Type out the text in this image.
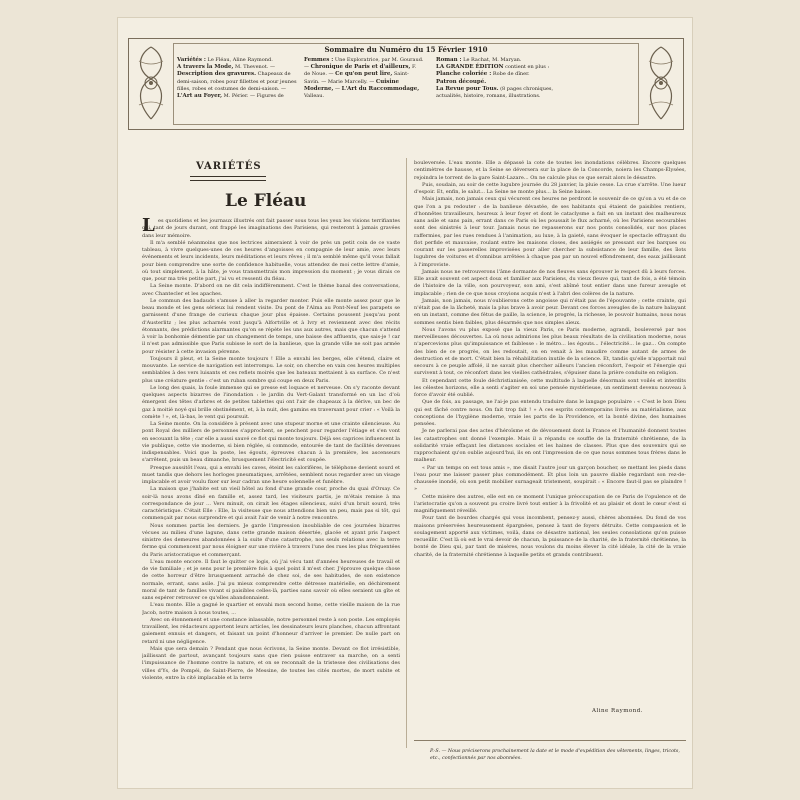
Sommaire du Numéro du 15 Février 1910
Variétés : Le Fléau, Aline Raymond.
A travers la Mode, M. Thevenot. — Description des gravures. Chapeaux de demi-saison, robes pour fillettes et pour jeunes filles, robes et costumes de demi-saison. —
L'Art au Foyer, M. Périer. — Figures de
Femmes : Une Exploratrice, par M. Gouraud. — Chronique de Paris et d'ailleurs, F. de Noue. — Ce qu'on peut lire, Saint-Savin. — Marie Marcelly. — Cuisine Moderne, — L'Art du Raccommodage, Valleau.
Roman : Le Rachat, M. Maryan.
LA GRANDE ÉDITION contient en plus :
Planche coloriée : Robe de dîner.
Patron découpé.
La Revue pour Tous. (8 pages chroniques, actualités, histoire, romans, illustrations.
VARIÉTÉS
Le Fléau
L es quotidiens et les journaux illustrés ont fait passer sous tous les yeux les visions terrifiantes qui, tant de jours durant, ont frappé les imaginations des Parisiens, qui resteront à jamais gravées dans leur mémoire.

Il m'a semblé néanmoins que nos lectrices aimeraient à voir de près un petit coin de ce vaste tableau, à vivre quelques-unes de ces heures d'angoisses en compagnie de leur amie, avec leurs événements et leurs incidents, leurs méditations et leurs rêves ; il m'a semblé même qu'il vous fallait pour bien comprendre une sorte de confidence habituelle, vous attendez de moi cette lettre d'amie, où tout simplement, à la hâte, je vous transmettrais mon impression du moment ; je vous dirais ce que, pour ma très petite part, j'ai vu et ressenti du fléau.

La Seine monte. D'abord on ne dit cela indifféremment. C'est le thème banal des conversations, avec Chantecler et les apaches.

Le commun des badauds s'amuse à aller la regarder monter. Puis elle monte assez pour que le beau monde et les gens sérieux lui rendent visite. Du pont de l'Alma au Pont-Neuf les parapets se garnissent d'une frange de curieux chaque jour plus épaisse. Certains poussent jusqu'au pont d'Austerlitz ; les plus acharnés vont jusqu'à Alfortville et à Ivry et reviennent avec des récits étonnants, des prédictions alarmantes qu'on se répète les uns aux autres, mais que chacun s'attend à voir la bonhomie démentie par un changement de temps, une baisse des affluents, que sais-je ! car il n'est pas admissible que Paris subisse le sort de la banlieue, que la grande ville ne soit pas armée pour résister à cette invasion pérenne.

Toujours il pleut, et la Seine monte toujours ! Elle a envahi les berges, elle s'étend, claire et mouvante. Le service de navigation est interrompu. Le soir, on cherche en vain ces heures multiples semblables à des vers luisants et ces reflets moirés que les bateaux mettaient à sa surface. Ce n'est plus une créature gentie : c'est un ruban sombre qui coupe en deux Paris.

Le long des quais, la foule immense qui se presse est loquace et nerveuse. On s'y raconte devant quelques aspects bizarres de l'inondation : le jardin du Vert-Galant transformé en un lac d'où émergent des têtes d'arbres et de petites tablettes qui ont l'air de chapeaux à la dérive, un bec de gaz à moitié noyé qui brille obstinément, et, à la nuit, des gamins en traversant pour crier : « Voilà la comète ! », et, là-bas, le vent qui poursuit.

La Seine monte. On la considère à présent avec une stupeur morne et une crainte silencieuse. Au pont Royal des milliers de personnes s'approchent, se penchent pour regarder l'étiage et s'en vont en secouant la tête ; car elle a aussi sauvé ce flot qui monte toujours. Déjà ses caprices influencent la vie publique, cette vie moderne, si bien réglée, si commode, entourée de tant de facilités devenues indispensables. Voici que la poste, les égouts, épreuves chacun à la première, les ascenseurs s'arrêtent, puis un beau dimanche, brusquement l'électricité est coupée.

Presque aussitôt l'eau, qui a envahi les caves, éteint les calorifères, le téléphone devient sourd et muet tandis que dehors les horloges pneumatiques, arrêtées, semblent nous regarder avec un visage implacable et avoir voulu fixer sur leur cadran une heure solennelle et funèbre.

La maison que j'habite est un vieil hôtel au fond d'une grande cour, proche du quai d'Orsay. Ce soir-là nous avons dîné en famille et, assez tard, les visiteurs partis, je m'étais remise à ma correspondance de jour ... Vers minuit, on cirait les étages silencieux, suivi d'un bruit sourd, très caractéristique. C'était Elle : Elle, la visiteuse que nous attendions bien un peu, mais pas si tôt, qui commençait par nous surprendre et qui avait l'air de venir à notre rencontre.

Nous sommes partis les derniers. Je garde l'impression inoubliable de ces journées bizarres vécues au milieu d'une lagune, dans cette grande maison désertée, glacée et ayant pris l'aspect sinistre des demeures abandonnées à la suite d'une catastrophe, nos seuls relations avec la terre ferme qui commencent par nous éloigner sur une rivière à travers l'une des rues les plus fréquentées du Paris aristocratique et commerçant.

L'eau monte encore. Il faut le quitter ce logis, où j'ai vécu tant d'années heureuses de travail et de vie familiale ; et je sens pour le première fois à quel point il m'est cher. J'éprouve quelque chose de cette horreur d'être brusquement arraché de chez soi, de ses habitudes, de son existence normale, errant, sans asile. J'ai pu mieux comprendre cette détresse matérielle, en déchirement moral de tant de familles vivant si paisibles celles-là, parties sans savoir où elles seraient un gîte et sans espérer retrouver ce qu'elles abandonnaient.

L'eau monte. Elle a gagné le quartier et envahi mon second home, cette vieille maison de la rue Jacob, notre maison à nous toutes, ...

Avec on étonnement et une constance inlassable, notre personnel reste à son poste. Les employés travaillent, les rédacteurs apportent leurs articles, les dessinateurs leurs planches, chacun affrontant gaiement ennuis et dangers, et faisant un point d'honneur d'arriver le premier. De nulle part on retard ni une négligence.

Mais que sera demain ? Pendant que nous écrivons, la Seine monte. Devant ce flot irrésistible, jaillissant de partout, avançant toujours sans que rien puisse entraver sa marche, on a senti l'impuissance de l'homme contre la nature, et on se reconnaît de la tristesse des civilisations des villes d'Ys, de Pompéi, de Saint-Pierre, de Messine, de toutes les cités mortes, de mort subite et violente, entre la cité implacable et la terre

bouleversée. L'eau monte. Elle a dépassé la cote de toutes les inondations célèbres. Encore quelques centimètres de hausse, et la Seine se déversera sur la place de la Concorde, noiera les Champs-Élysées, rejoindra le torrent de la gare Saint-Lazare... On ne calcule plus ce que serait alors le désastre.

Puis, soudain, au soir de cette lugubre journée du 28 janvier, la pluie cesse. La crue s'arrête. Une lueur d'espoir. Et, enfin, le salut... La Seine ne monte plus... la Seine baisse.

Mais jamais, non jamais ceux qui vécurent ces heures ne perdront le souvenir de ce qu'on a vu et de ce que l'on a pu redouter : de la banlieue dévastée, de ses habitants qui étaient de paisibles rentiers, d'honnêtes travailleurs, heureux à leur foyer et dont le cataclysme a fait en un instant des malheureux sans asile et sans pain, errant dans ce Paris où les poussait le flux acharné, où les Parisiens secourables sont des sinistrés à leur tour. Jamais nous ne repasserons sur nos ponts consolidés, sur nos places raffermies, par les rues rendues à l'animation, au luxe, à la gaieté, sans évoquer le spectacle effrayant du flot perfide et mauvaise, roulant entre les maisons closes, des assiégés se pressant sur les barques ou courant sur les passerelles improvisées pour aller chercher la subsistance de leur famille, des îlots lugubres de voitures et d'omnibus arrêtées à chaque pas par un nouvel effondrement, des eaux jaillissant à l'improviste.

Jamais nous ne retrouverons l'âme dormante de nos fleuves sans éprouver le respect dû à leurs forces. Elle avait souvent cet aspect doux et familier aux Parisiens, du vieux fleuve qui, tant de fois, a été témoin de l'histoire de la ville, son pourvoyeur, son ami, s'est abîmé tout entier dans une fureur aveugle et implacable ; rien de ce que nous croyions acquis n'est à l'abri des colères de la nature.

Jamais, non jamais, nous n'oublierons cette angoisse qui n'était pas de l'épouvante ; cette crainte, qui n'était pas de la lâcheté, mais la plus brave à avoir peur. Devant ces forces aveugles de la nature balayant en un instant, comme des fétus de paille, la science, le progrès, la richesse, le pouvoir humains, nous nous sommes sentis bien faibles, plus désarmés que nos simples aïeux.

Nous l'avons vu plus exposé que la vieux Paris, ce Paris moderne, agrandi, bouleversé par nos merveilleuses découvertes. La où nous admirions les plus beaux résultats de la civilisation moderne, nous n'apercevions plus qu'impuissance et faiblesse : le métro... les égouts... l'électricité... le gaz... On compte des bien de ce progrès, on les redoutait, on en venait à les maudire comme autant de armes de destruction et de mort. C'était bien la réhabilitation inutile de la science. Et, tandis qu'elle n'apportait nul secours à ce peuple affolé, il ne savait plus chercher ailleurs l'ancien réconfort, l'espoir et l'énergie qui survivent à tout, ce réconfort dans les vieilles cathédrales, s'épuiser dans la prière conduite en religion.

Et cependant cette foule déchristianisée, cette multitude à laquelle désormais sont voilés et interdits les célestes horizons, elle a senti s'agiter en soi une pensée mystérieuse, un sentiment devenu nouveau à force d'avoir été oublié.

Que de fois, au passage, ne l'ai-je pas entendu traduire dans le langage populaire : « C'est le bon Dieu qui est fâché contre nous. On fait trop fait ! » A ces esprits contemporains livrés au matérialisme, aux conceptions de l'hygiène moderne, vraie les parts de la Providence, et la bonté divine, des humaines pensées.

Je ne parlerai pas des actes d'héroïsme et de dévouement dont la France et l'humanité donnent toutes les catastrophes ont donné l'exemple. Mais il a répandu ce souffle de la fraternité chrétienne, de la solidarité vraie effaçant les distances sociales et les haines de classes. Plus que des souvenirs qui se rapprochaient qu'on oublie aujourd'hui, ils en ont l'impression de ce que nous sommes tous frères dans le malheur.

« Par un temps on est tous amis », me disait l'autre jour un garçon boucher, se mettant les pieds dans l'eau pour me laisser passer plus commodément. Et plus loin un pauvre diable regardant son rez-de-chaussée inondé, où son petit mobilier surnageait tristement, soupirait : « Encore faut-il pas se plaindre ! »

Cette misère des autres, elle est en ce moment l'unique préoccupation de ce Paris de l'opulence et de l'aristocratie qu'on a souvent pu croire livré tout entier à la frivolité et au plaisir et dont le cœur s'est si magnifiquement réveillé.

Pour tant de bourdes chargés qui vous incombent, pensez-y aussi, chères abonnées. Du fond de vos maisons préservées heureusement épargnées, pensez à tant de foyers détruits. Cette compassion et le soulagement apporté aux victimes, voilà, dans ce désastre national, les seules consolations qu'on puisse recueillir. C'est là où est le vrai devoir de chacun, la puissance de la charité, de la fraternité chrétienne, la bonté de Dieu qui, par tant de misères, nous voulons du moins élever la cité idéale, la cité de la vraie charité, de la fraternité chrétienne à laquelle petits et grands contribuent.

Aline Raymond.
P.-S. — Nous préciserons prochainement la date et le mode d'expédition des vêtements, linges, tricots, etc., confectionnés par nos abonnées.
